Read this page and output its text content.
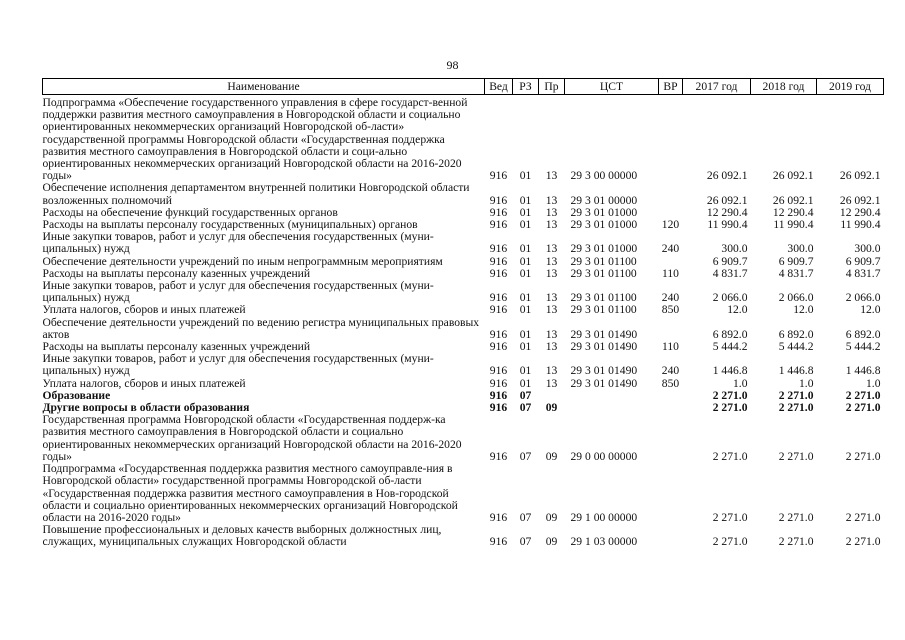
98
Наименование	Вед	РЗ	Пр	ЦСТ	ВР	2017 год	2018 год	2019 год
Подпрограмма «Обеспечение государственного управления в сфере государст-венной поддержки развития местного самоуправления в Новгородской области и социально ориентированных некоммерческих организаций Новгородской об-ласти» государственной программы Новгородской области «Государственная поддержка развития местного самоуправления в Новгородской области и соци-ально ориентированных некоммерческих организаций Новгородской области на 2016-2020 годы»	916	01	13	29 3 00 00000		26 092.1	26 092.1	26 092.1
Обеспечение исполнения департаментом внутренней политики Новгородской области возложенных полномочий	916	01	13	29 3 01 00000		26 092.1	26 092.1	26 092.1
Расходы на обеспечение функций государственных органов	916	01	13	29 3 01 01000		12 290.4	12 290.4	12 290.4
Расходы на выплаты персоналу государственных (муниципальных) органов	916	01	13	29 3 01 01000	120	11 990.4	11 990.4	11 990.4
Иные закупки товаров, работ и услуг для обеспечения государственных (муни-ципальных) нужд	916	01	13	29 3 01 01000	240	300.0	300.0	300.0
Обеспечение деятельности учреждений по иным непрограммным мероприятиям	916	01	13	29 3 01 01100		6 909.7	6 909.7	6 909.7
Расходы на выплаты персоналу казенных учреждений	916	01	13	29 3 01 01100	110	4 831.7	4 831.7	4 831.7
Иные закупки товаров, работ и услуг для обеспечения государственных (муни-ципальных) нужд	916	01	13	29 3 01 01100	240	2 066.0	2 066.0	2 066.0
Уплата налогов, сборов и иных платежей	916	01	13	29 3 01 01100	850	12.0	12.0	12.0
Обеспечение деятельности учреждений по ведению регистра муниципальных правовых актов	916	01	13	29 3 01 01490		6 892.0	6 892.0	6 892.0
Расходы на выплаты персоналу казенных учреждений	916	01	13	29 3 01 01490	110	5 444.2	5 444.2	5 444.2
Иные закупки товаров, работ и услуг для обеспечения государственных (муни-ципальных) нужд	916	01	13	29 3 01 01490	240	1 446.8	1 446.8	1 446.8
Уплата налогов, сборов и иных платежей	916	01	13	29 3 01 01490	850	1.0	1.0	1.0
Образование	916	07				2 271.0	2 271.0	2 271.0
Другие вопросы в области образования	916	07	09			2 271.0	2 271.0	2 271.0
Государственная программа Новгородской области «Государственная поддерж-ка развития местного самоуправления в Новгородской области и социально ориентированных некоммерческих организаций Новгородской области на 2016-2020 годы»	916	07	09	29 0 00 00000		2 271.0	2 271.0	2 271.0
Подпрограмма «Государственная поддержка развития местного самоуправле-ния в Новгородской области» государственной программы Новгородской об-ласти «Государственная поддержка развития местного самоуправления в Нов-городской области и социально ориентированных некоммерческих организаций Новгородской области на 2016-2020 годы»	916	07	09	29 1 00 00000		2 271.0	2 271.0	2 271.0
Повышение профессиональных и деловых качеств выборных должностных лиц, служащих, муниципальных служащих Новгородской области	916	07	09	29 1 03 00000		2 271.0	2 271.0	2 271.0
